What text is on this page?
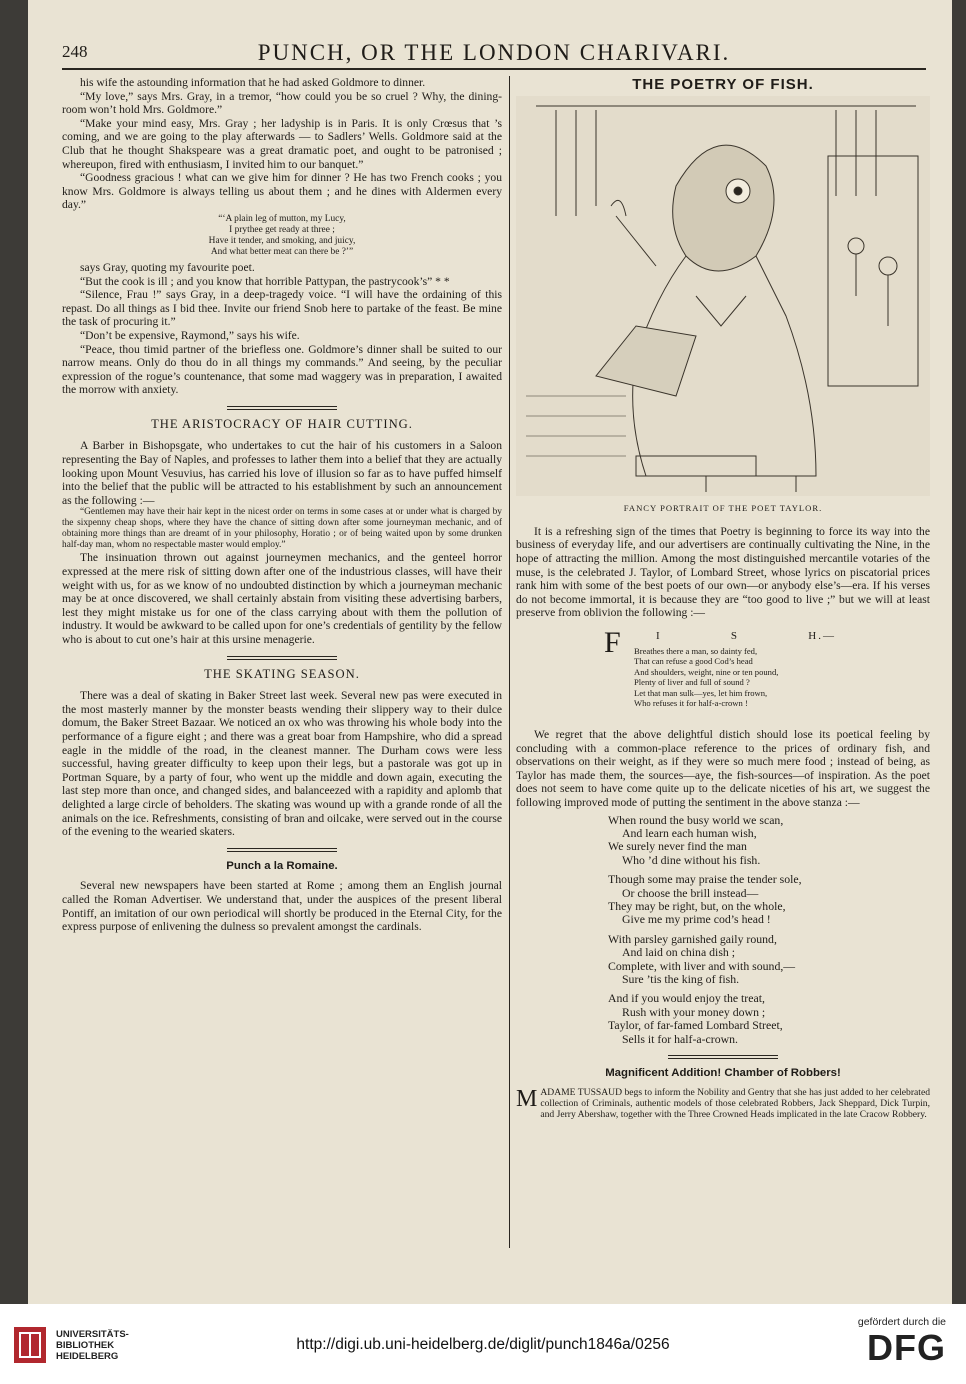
248	PUNCH, OR THE LONDON CHARIVARI.

his wife the astounding information that he had asked Goldmore to dinner.

“My love,” says Mrs. Gray, in a tremor, “how could you be so cruel ? Why, the dining-room won’t hold Mrs. Goldmore.”

“Make your mind easy, Mrs. Gray ; her ladyship is in Paris. It is only Crœsus that ’s coming, and we are going to the play afterwards — to Sadlers’ Wells. Goldmore said at the Club that he thought Shakspeare was a great dramatic poet, and ought to be patronised ; whereupon, fired with enthusiasm, I invited him to our banquet.”

“Goodness gracious ! what can we give him for dinner ? He has two French cooks ; you know Mrs. Goldmore is always telling us about them ; and he dines with Aldermen every day.”

“‘A plain leg of mutton, my Lucy,
I prythee get ready at three ;
Have it tender, and smoking, and juicy,
And what better meat can there be ?’”

says Gray, quoting my favourite poet.

“But the cook is ill ; and you know that horrible Pattypan, the pastrycook’s” * *

“Silence, Frau !” says Gray, in a deep-tragedy voice. “I will have the ordaining of this repast. Do all things as I bid thee. Invite our friend Snob here to partake of the feast. Be mine the task of procuring it.”

“Don’t be expensive, Raymond,” says his wife.

“Peace, thou timid partner of the briefless one. Goldmore’s dinner shall be suited to our narrow means. Only do thou do in all things my commands.” And seeing, by the peculiar expression of the rogue’s countenance, that some mad waggery was in preparation, I awaited the morrow with anxiety.

THE ARISTOCRACY OF HAIR CUTTING.

A Barber in Bishopsgate, who undertakes to cut the hair of his customers in a Saloon representing the Bay of Naples, and professes to lather them into a belief that they are actually looking upon Mount Vesuvius, has carried his love of illusion so far as to have puffed himself into the belief that the public will be attracted to his establishment by such an announcement as the following :—

“Gentlemen may have their hair kept in the nicest order on terms in some cases at or under what is charged by the sixpenny cheap shops, where they have the chance of sitting down after some journeyman mechanic, and of obtaining more things than are dreamt of in your philosophy, Horatio ; or of being waited upon by some drunken half-day man, whom no respectable master would employ.”

The insinuation thrown out against journeymen mechanics, and the genteel horror expressed at the mere risk of sitting down after one of the industrious classes, will have their weight with us, for as we know of no undoubted distinction by which a journeyman mechanic may be at once discovered, we shall certainly abstain from visiting these advertising barbers, lest they might mistake us for one of the class carrying about with them the pollution of industry. It would be awkward to be called upon for one’s credentials of gentility by the fellow who is about to cut one’s hair at this ursine menagerie.

THE SKATING SEASON.

There was a deal of skating in Baker Street last week. Several new pas were executed in the most masterly manner by the monster beasts wending their slippery way to their dulce domum, the Baker Street Bazaar. We noticed an ox who was throwing his whole body into the performance of a figure eight ; and there was a great boar from Hampshire, who did a spread eagle in the middle of the road, in the cleanest manner. The Durham cows were less successful, having greater difficulty to keep upon their legs, but a pastorale was got up in Portman Square, by a party of four, who went up the middle and down again, executing the last step more than once, and changed sides, and balanceezed with a rapidity and aplomb that delighted a large circle of beholders. The skating was wound up with a grande ronde of all the animals on the ice. Refreshments, consisting of bran and oilcake, were served out in the course of the evening to the wearied skaters.

Punch a la Romaine.

Several new newspapers have been started at Rome ; among them an English journal called the Roman Advertiser. We understand that, under the auspices of the present liberal Pontiff, an imitation of our own periodical will shortly be produced in the Eternal City, for the express purpose of enlivening the dulness so prevalent amongst the cardinals.

THE POETRY OF FISH.
FANCY PORTRAIT OF THE POET TAYLOR.

It is a refreshing sign of the times that Poetry is beginning to force its way into the business of everyday life, and our advertisers are continually cultivating the Nine, in the hope of attracting the million. Among the most distinguished mercantile votaries of the muse, is the celebrated J. Taylor, of Lombard Street, whose lyrics on piscatorial prices rank him with some of the best poets of our own—or anybody else’s—era. If his verses do not become immortal, it is because they are “too good to live ;” but we will at least preserve from oblivion the following :—

F	I	S	H.—
Breathes there a man, so dainty fed,
That can refuse a good Cod’s head
And shoulders, weight, nine or ten pound,
Plenty of liver and full of sound ?
Let that man sulk—yes, let him frown,
Who refuses it for half-a-crown !

We regret that the above delightful distich should lose its poetical feeling by concluding with a common-place reference to the prices of ordinary fish, and observations on their weight, as if they were so much mere food ; instead of being, as Taylor has made them, the sources—aye, the fish-sources—of inspiration. As the poet does not seem to have come quite up to the delicate niceties of his art, we suggest the following improved mode of putting the sentiment in the above stanza :—

When round the busy world we scan,
And learn each human wish,
We surely never find the man
Who ’d dine without his fish.
Though some may praise the tender sole,
Or choose the brill instead—
They may be right, but, on the whole,
Give me my prime cod’s head !
With parsley garnished gaily round,
And laid on china dish ;
Complete, with liver and with sound,—
Sure ’tis the king of fish.
And if you would enjoy the treat,
Rush with your money down ;
Taylor, of far-famed Lombard Street,
Sells it for half-a-crown.
Magnificent Addition! Chamber of Robbers!
M ADAME TUSSAUD begs to inform the Nobility and Gentry that she has just added to her celebrated collection of Criminals, authentic models of those celebrated Robbers, Jack Sheppard, Dick Turpin, and Jerry Abershaw, together with the Three Crowned Heads implicated in the late Cracow Robbery.
UNIVERSITÄTS-
BIBLIOTHEK
HEIDELBERG
http://digi.ub.uni-heidelberg.de/diglit/punch1846a/0256
gefördert durch die
DFG
